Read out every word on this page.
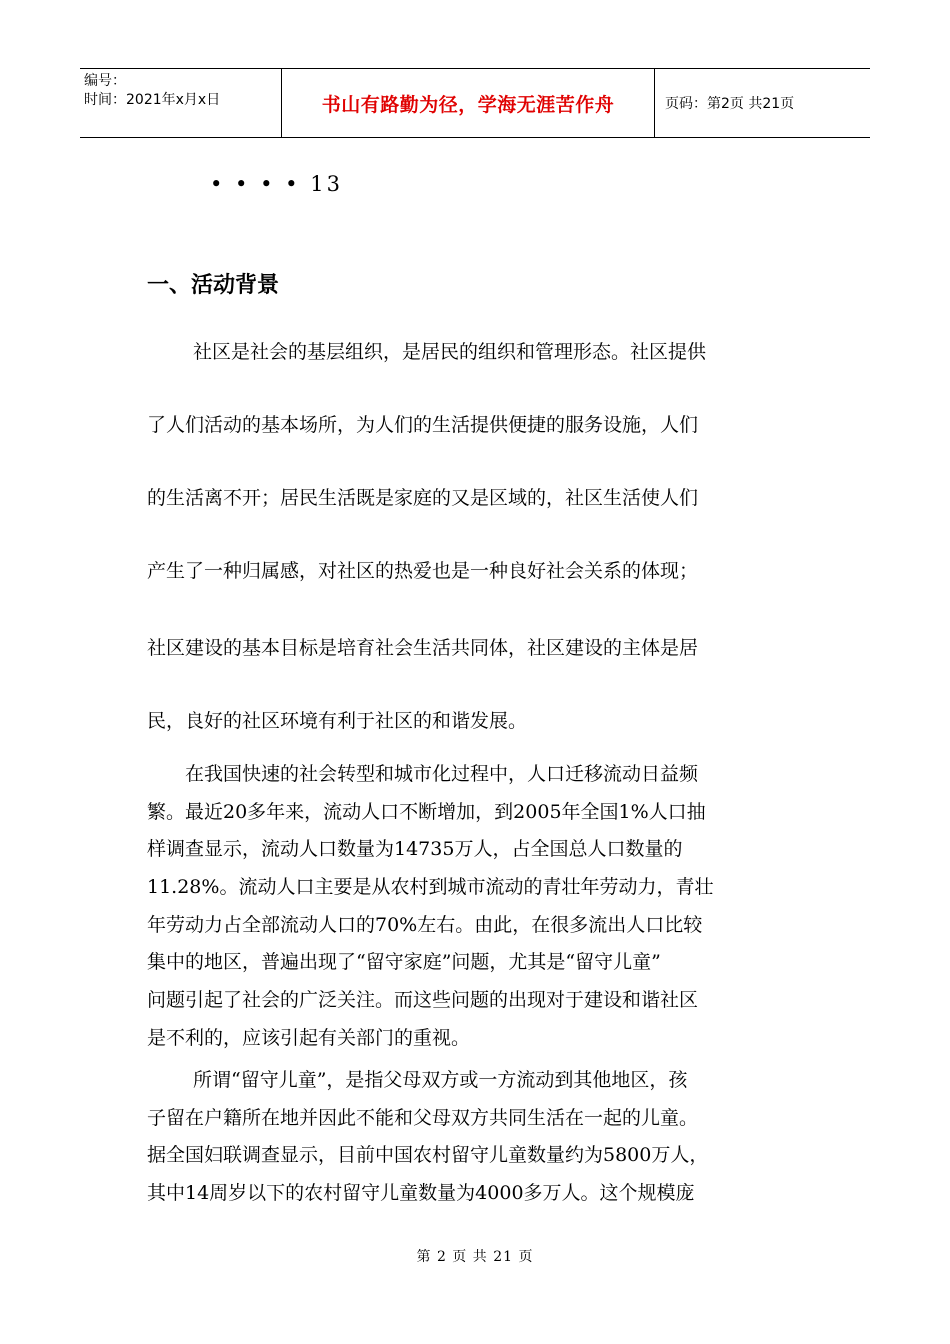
编号：
时间：2021年x月x日	书山有路勤为径，学海无涯苦作舟	页码：第2页 共21页
• • • • 13
一、活动背景
社区是社会的基层组织，是居民的组织和管理形态。社区提供
了人们活动的基本场所，为人们的生活提供便捷的服务设施，人们
的生活离不开；居民生活既是家庭的又是区域的，社区生活使人们
产生了一种归属感，对社区的热爱也是一种良好社会关系的体现；
社区建设的基本目标是培育社会生活共同体，社区建设的主体是居
民，良好的社区环境有利于社区的和谐发展。
在我国快速的社会转型和城市化过程中，人口迁移流动日益频
繁。最近20多年来，流动人口不断增加，到2005年全国1%人口抽
样调查显示，流动人口数量为14735万人，占全国总人口数量的
11.28%。流动人口主要是从农村到城市流动的青壮年劳动力，青壮
年劳动力占全部流动人口的70%左右。由此，在很多流出人口比较
集中的地区，普遍出现了“留守家庭”问题，尤其是“留守儿童”
问题引起了社会的广泛关注。而这些问题的出现对于建设和谐社区
是不利的，应该引起有关部门的重视。
所谓“留守儿童”，是指父母双方或一方流动到其他地区，孩
子留在户籍所在地并因此不能和父母双方共同生活在一起的儿童。
据全国妇联调查显示，目前中国农村留守儿童数量约为5800万人，
其中14周岁以下的农村留守儿童数量为4000多万人。这个规模庞
第 2 页 共 21 页
